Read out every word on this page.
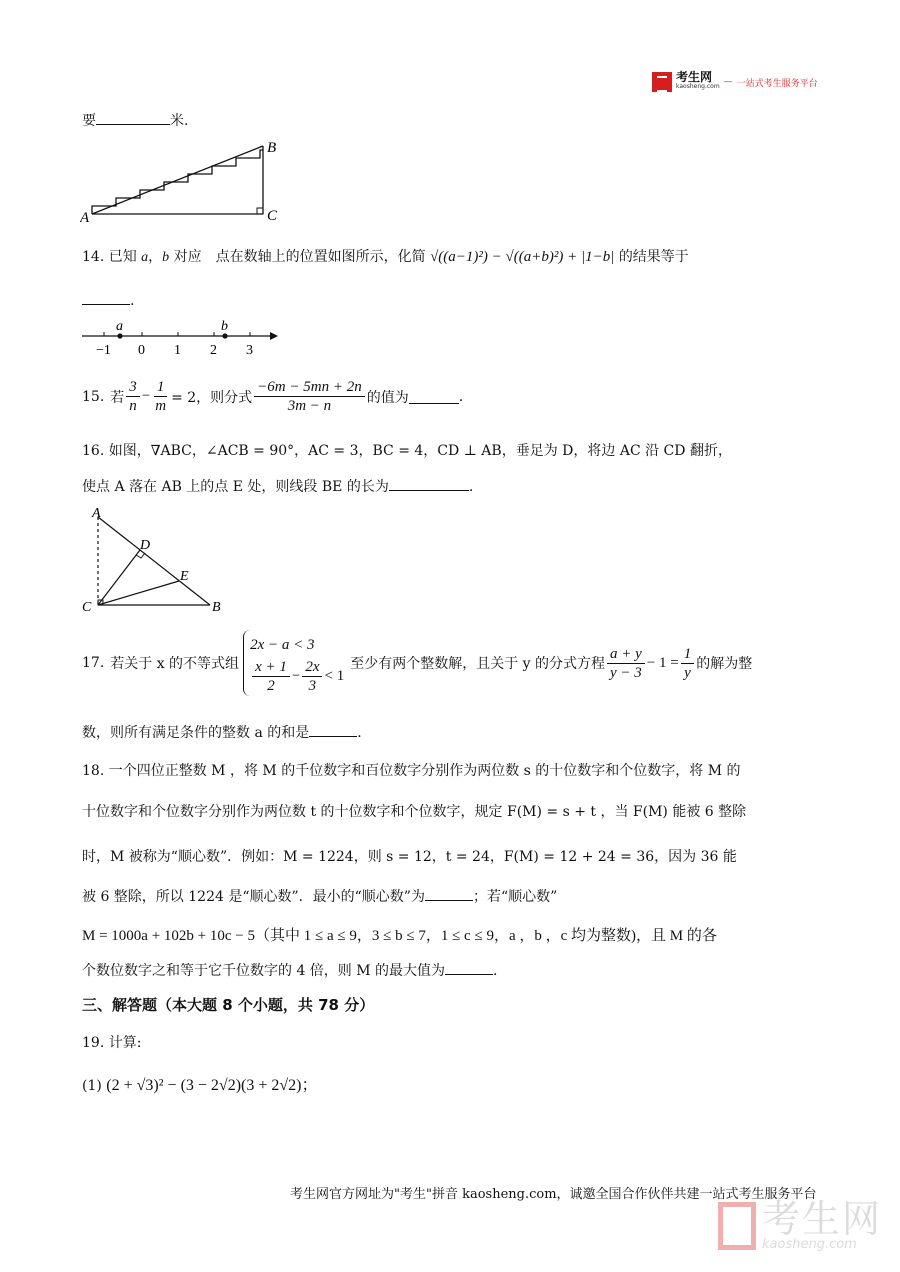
考生网
kaosheng.com — 一站式考生服务平台
要	米.
A
B
C
14. 已知 a，b 对应　点在数轴上的位置如图所示，化简 √((a−1)²) − √((a+b)²) + |1−b| 的结果等于
.
−1 0 1 2 3
a	b
15. 若 $\frac{3}{n} - \frac{1}{m} = 2$，则分式 $\frac{-6m - 5mn + 2n}{3m - n}$ 的值为	.
16. 如图，∇ABC，∠ACB = 90°，AC = 3，BC = 4，CD ⊥ AB，垂足为 D，将边 AC 沿 CD 翻折，
使点 A 落在 AB 上的点 E 处，则线段 BE 的长为	.
A
D
E
C	B
17. 若关于 x 的不等式组
2x − a < 3
$\frac{x + 1}{2} - \frac{2x}{3} < 1$
至少有两个整数解，且关于 y 的分式方程 $\frac{a + y}{y - 3} - 1 = \frac{1}{y}$ 的解为整
数，则所有满足条件的整数 a 的和是	.
18. 一个四位正整数 M ，将 M 的千位数字和百位数字分别作为两位数 s 的十位数字和个位数字，将 M 的
十位数字和个位数字分别作为两位数 t 的十位数字和个位数字，规定 F(M) = s + t ，当 F(M) 能被 6 整除
时，M 被称为“顺心数”．例如：M = 1224，则 s = 12，t = 24，F(M) = 12 + 24 = 36，因为 36 能
被 6 整除，所以 1224 是“顺心数”．最小的“顺心数”为	；若“顺心数”
M = 1000a + 102b + 10c − 5（其中 1 ≤ a ≤ 9，3 ≤ b ≤ 7，1 ≤ c ≤ 9，a ，b ，c 均为整数)，且 M 的各
个数位数字之和等于它千位数字的 4 倍，则 M 的最大值为	.
三、解答题（本大题 8 个小题，共 78 分）
19. 计算:
(1) (2 + √3)² − (3 − 2√2)(3 + 2√2)；
考生网官方网址为"考生"拼音 kaosheng.com，诚邀全国合作伙伴共建一站式考生服务平台
考生网
kaosheng.com
